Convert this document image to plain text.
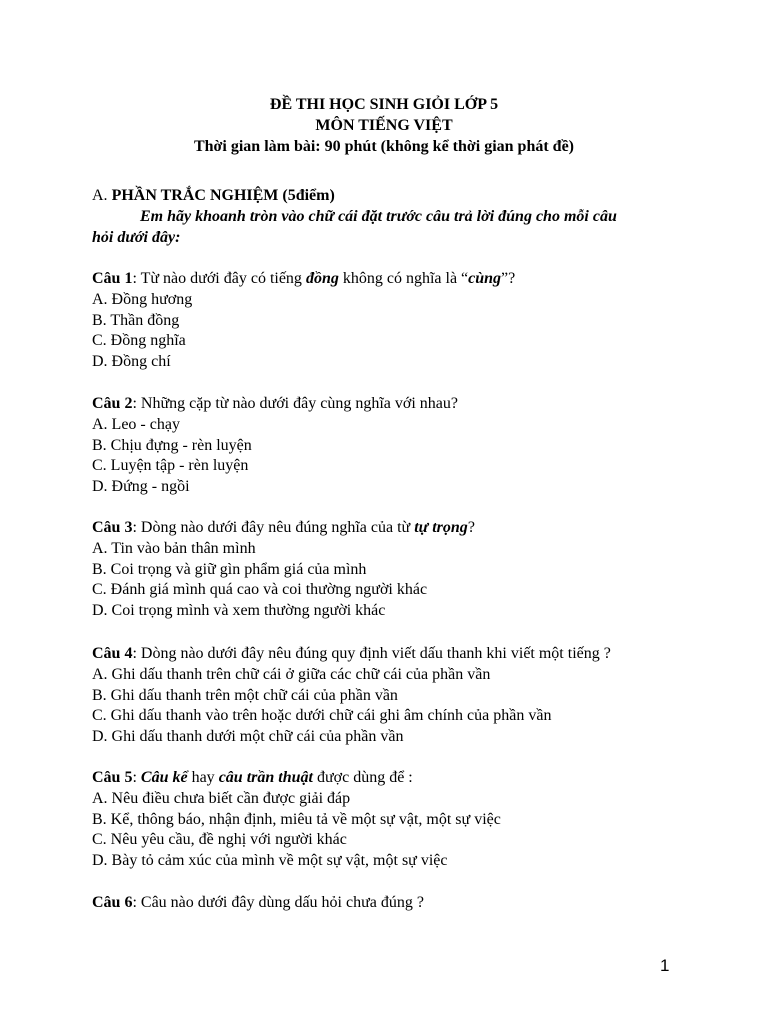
ĐỀ THI HỌC SINH GIỎI LỚP 5
MÔN TIẾNG VIỆT
Thời gian làm bài: 90 phút (không kể thời gian phát đề)
A. PHẦN TRẮC NGHIỆM (5điểm)
Em hãy khoanh tròn vào chữ cái đặt trước câu trả lời đúng cho mỗi câu
hỏi dưới đây:
Câu 1: Từ nào dưới đây có tiếng đồng không có nghĩa là “cùng”?
A. Đồng hương
B. Thần đồng
C. Đồng nghĩa
D. Đồng chí
Câu 2: Những cặp từ nào dưới đây cùng nghĩa với nhau?
A. Leo - chạy
B. Chịu đựng - rèn luyện
C. Luyện tập - rèn luyện
D. Đứng - ngồi
Câu 3: Dòng nào dưới đây nêu đúng nghĩa của từ tự trọng?
A. Tin vào bản thân mình
B. Coi trọng và giữ gìn phẩm giá của mình
C. Đánh giá mình quá cao và coi thường người khác
D. Coi trọng mình và xem thường người khác
Câu 4: Dòng nào dưới đây nêu đúng quy định viết dấu thanh khi viết một tiếng ?
A. Ghi dấu thanh trên chữ cái ở giữa các chữ cái của phần vần
B. Ghi dấu thanh trên một chữ cái của phần vần
C. Ghi dấu thanh vào trên hoặc dưới chữ cái ghi âm chính của phần vần
D. Ghi dấu thanh dưới một chữ cái của phần vần
Câu 5: Câu kể hay câu trần thuật được dùng để :
A. Nêu điều chưa biết cần được giải đáp
B. Kể, thông báo, nhận định, miêu tả về một sự vật, một sự việc
C. Nêu yêu cầu, đề nghị với người khác
D. Bày tỏ cảm xúc của mình về một sự vật, một sự việc
Câu 6: Câu nào dưới đây dùng dấu hỏi chưa đúng ?
1
